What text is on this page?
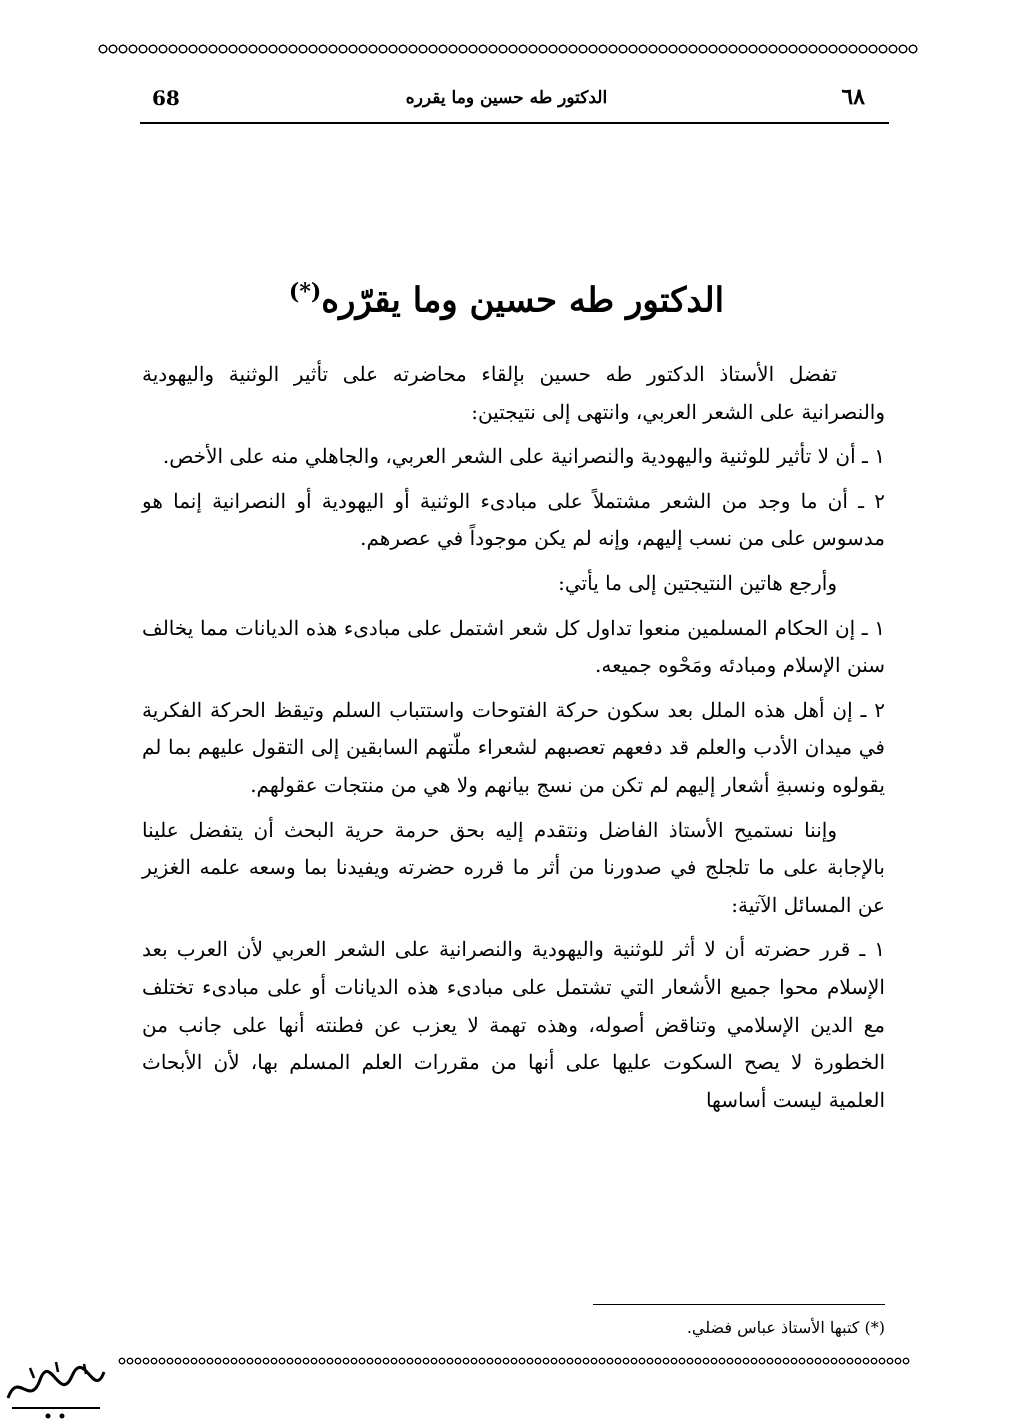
68	الدكتور طه حسين وما يقرره	٦٨
الدكتور طه حسين وما يقرّره(*)

تفضل الأستاذ الدكتور طه حسين بإلقاء محاضرته على تأثير الوثنية واليهودية والنصرانية على الشعر العربي، وانتهى إلى نتيجتين:

١ ـ أن لا تأثير للوثنية واليهودية والنصرانية على الشعر العربي، والجاهلي منه على الأخص.

٢ ـ أن ما وجد من الشعر مشتملاً على مبادىء الوثنية أو اليهودية أو النصرانية إنما هو مدسوس على من نسب إليهم، وإنه لم يكن موجوداً في عصرهم.

وأرجع هاتين النتيجتين إلى ما يأتي:

١ ـ إن الحكام المسلمين منعوا تداول كل شعر اشتمل على مبادىء هذه الديانات مما يخالف سنن الإسلام ومبادئه ومَحْوه جميعه.

٢ ـ إن أهل هذه الملل بعد سكون حركة الفتوحات واستتباب السلم وتيقظ الحركة الفكرية في ميدان الأدب والعلم قد دفعهم تعصبهم لشعراء ملّتهم السابقين إلى التقول عليهم بما لم يقولوه ونسبةِ أشعار إليهم لم تكن من نسج بيانهم ولا هي من منتجات عقولهم.

وإننا نستميح الأستاذ الفاضل ونتقدم إليه بحق حرمة حرية البحث أن يتفضل علينا بالإجابة على ما تلجلج في صدورنا من أثر ما قرره حضرته ويفيدنا بما وسعه علمه الغزير عن المسائل الآتية:

١ ـ قرر حضرته أن لا أثر للوثنية واليهودية والنصرانية على الشعر العربي لأن العرب بعد الإسلام محوا جميع الأشعار التي تشتمل على مبادىء هذه الديانات أو على مبادىء تختلف مع الدين الإسلامي وتناقض أصوله، وهذه تهمة لا يعزب عن فطنته أنها على جانب من الخطورة لا يصح السكوت عليها على أنها من مقررات العلم المسلم بها، لأن الأبحاث العلمية ليست أساسها

(*) كتبها الأستاذ عباس فضلي.
